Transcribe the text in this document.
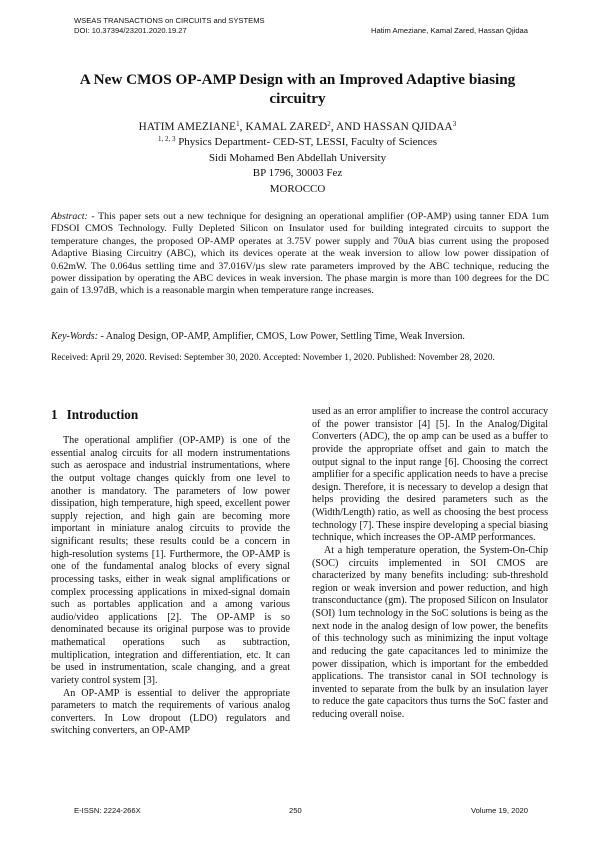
WSEAS TRANSACTIONS on CIRCUITS and SYSTEMS
DOI: 10.37394/23201.2020.19.27	Hatim Ameziane, Kamal Zared, Hassan Qjidaa
A New CMOS OP-AMP Design with an Improved Adaptive biasing circuitry
HATIM AMEZIANE$^1$, KAMAL ZARED$^2$, AND HASSAN QJIDAA$^3$
$^{1, 2, 3}$ Physics Department- CED-ST, LESSI, Faculty of Sciences
Sidi Mohamed Ben Abdellah University
BP 1796, 30003 Fez
MOROCCO
Abstract: - This paper sets out a new technique for designing an operational amplifier (OP-AMP) using tanner EDA 1um FDSOI CMOS Technology. Fully Depleted Silicon on Insulator used for building integrated circuits to support the temperature changes, the proposed OP-AMP operates at 3.75V power supply and 70uA bias current using the proposed Adaptive Biasing Circuitry (ABC), which its devices operate at the weak inversion to allow low power dissipation of 0.62mW. The 0.064us settling time and 37.016V/µs slew rate parameters improved by the ABC technique, reducing the power dissipation by operating the ABC devices in weak inversion. The phase margin is more than 100 degrees for the DC gain of 13.97dB, which is a reasonable margin when temperature range increases.
Key-Words: - Analog Design, OP-AMP, Amplifier, CMOS, Low Power, Settling Time, Weak Inversion.
Received: April 29, 2020. Revised: September 30, 2020. Accepted: November 1, 2020. Published: November 28, 2020.
1 Introduction

The operational amplifier (OP-AMP) is one of the essential analog circuits for all modern instrumentations such as aerospace and industrial instrumentations, where the output voltage changes quickly from one level to another is mandatory. The parameters of low power dissipation, high temperature, high speed, excellent power supply rejection, and high gain are becoming more important in miniature analog circuits to provide the significant results; these results could be a concern in high-resolution systems [1]. Furthermore, the OP-AMP is one of the fundamental analog blocks of every signal processing tasks, either in weak signal amplifications or complex processing applications in mixed-signal domain such as portables application and a among various audio/video applications [2]. The OP-AMP is so denominated because its original purpose was to provide mathematical operations such as subtraction, multiplication, integration and differentiation, etc. It can be used in instrumentation, scale changing, and a great variety control system [3].

An OP-AMP is essential to deliver the appropriate parameters to match the requirements of various analog converters. In Low dropout (LDO) regulators and switching converters, an OP-AMP

used as an error amplifier to increase the control accuracy of the power transistor [4] [5]. In the Analog/Digital Converters (ADC), the op amp can be used as a buffer to provide the appropriate offset and gain to match the output signal to the input range [6]. Choosing the correct amplifier for a specific application needs to have a precise design. Therefore, it is necessary to develop a design that helps providing the desired parameters such as the (Width/Length) ratio, as well as choosing the best process technology [7]. These inspire developing a special biasing technique, which increases the OP-AMP performances.

At a high temperature operation, the System-On-Chip (SOC) circuits implemented in SOI CMOS are characterized by many benefits including: sub-threshold region or weak inversion and power reduction, and high transconductance (gm). The proposed Silicon on Insulator (SOI) 1um technology in the SoC solutions is being as the next node in the analog design of low power, the benefits of this technology such as minimizing the input voltage and reducing the gate capacitances led to minimize the power dissipation, which is important for the embedded applications. The transistor canal in SOI technology is invented to separate from the bulk by an insulation layer to reduce the gate capacitors thus turns the SoC faster and reducing overall noise.

E-ISSN: 2224-266X	250	Volume 19, 2020
